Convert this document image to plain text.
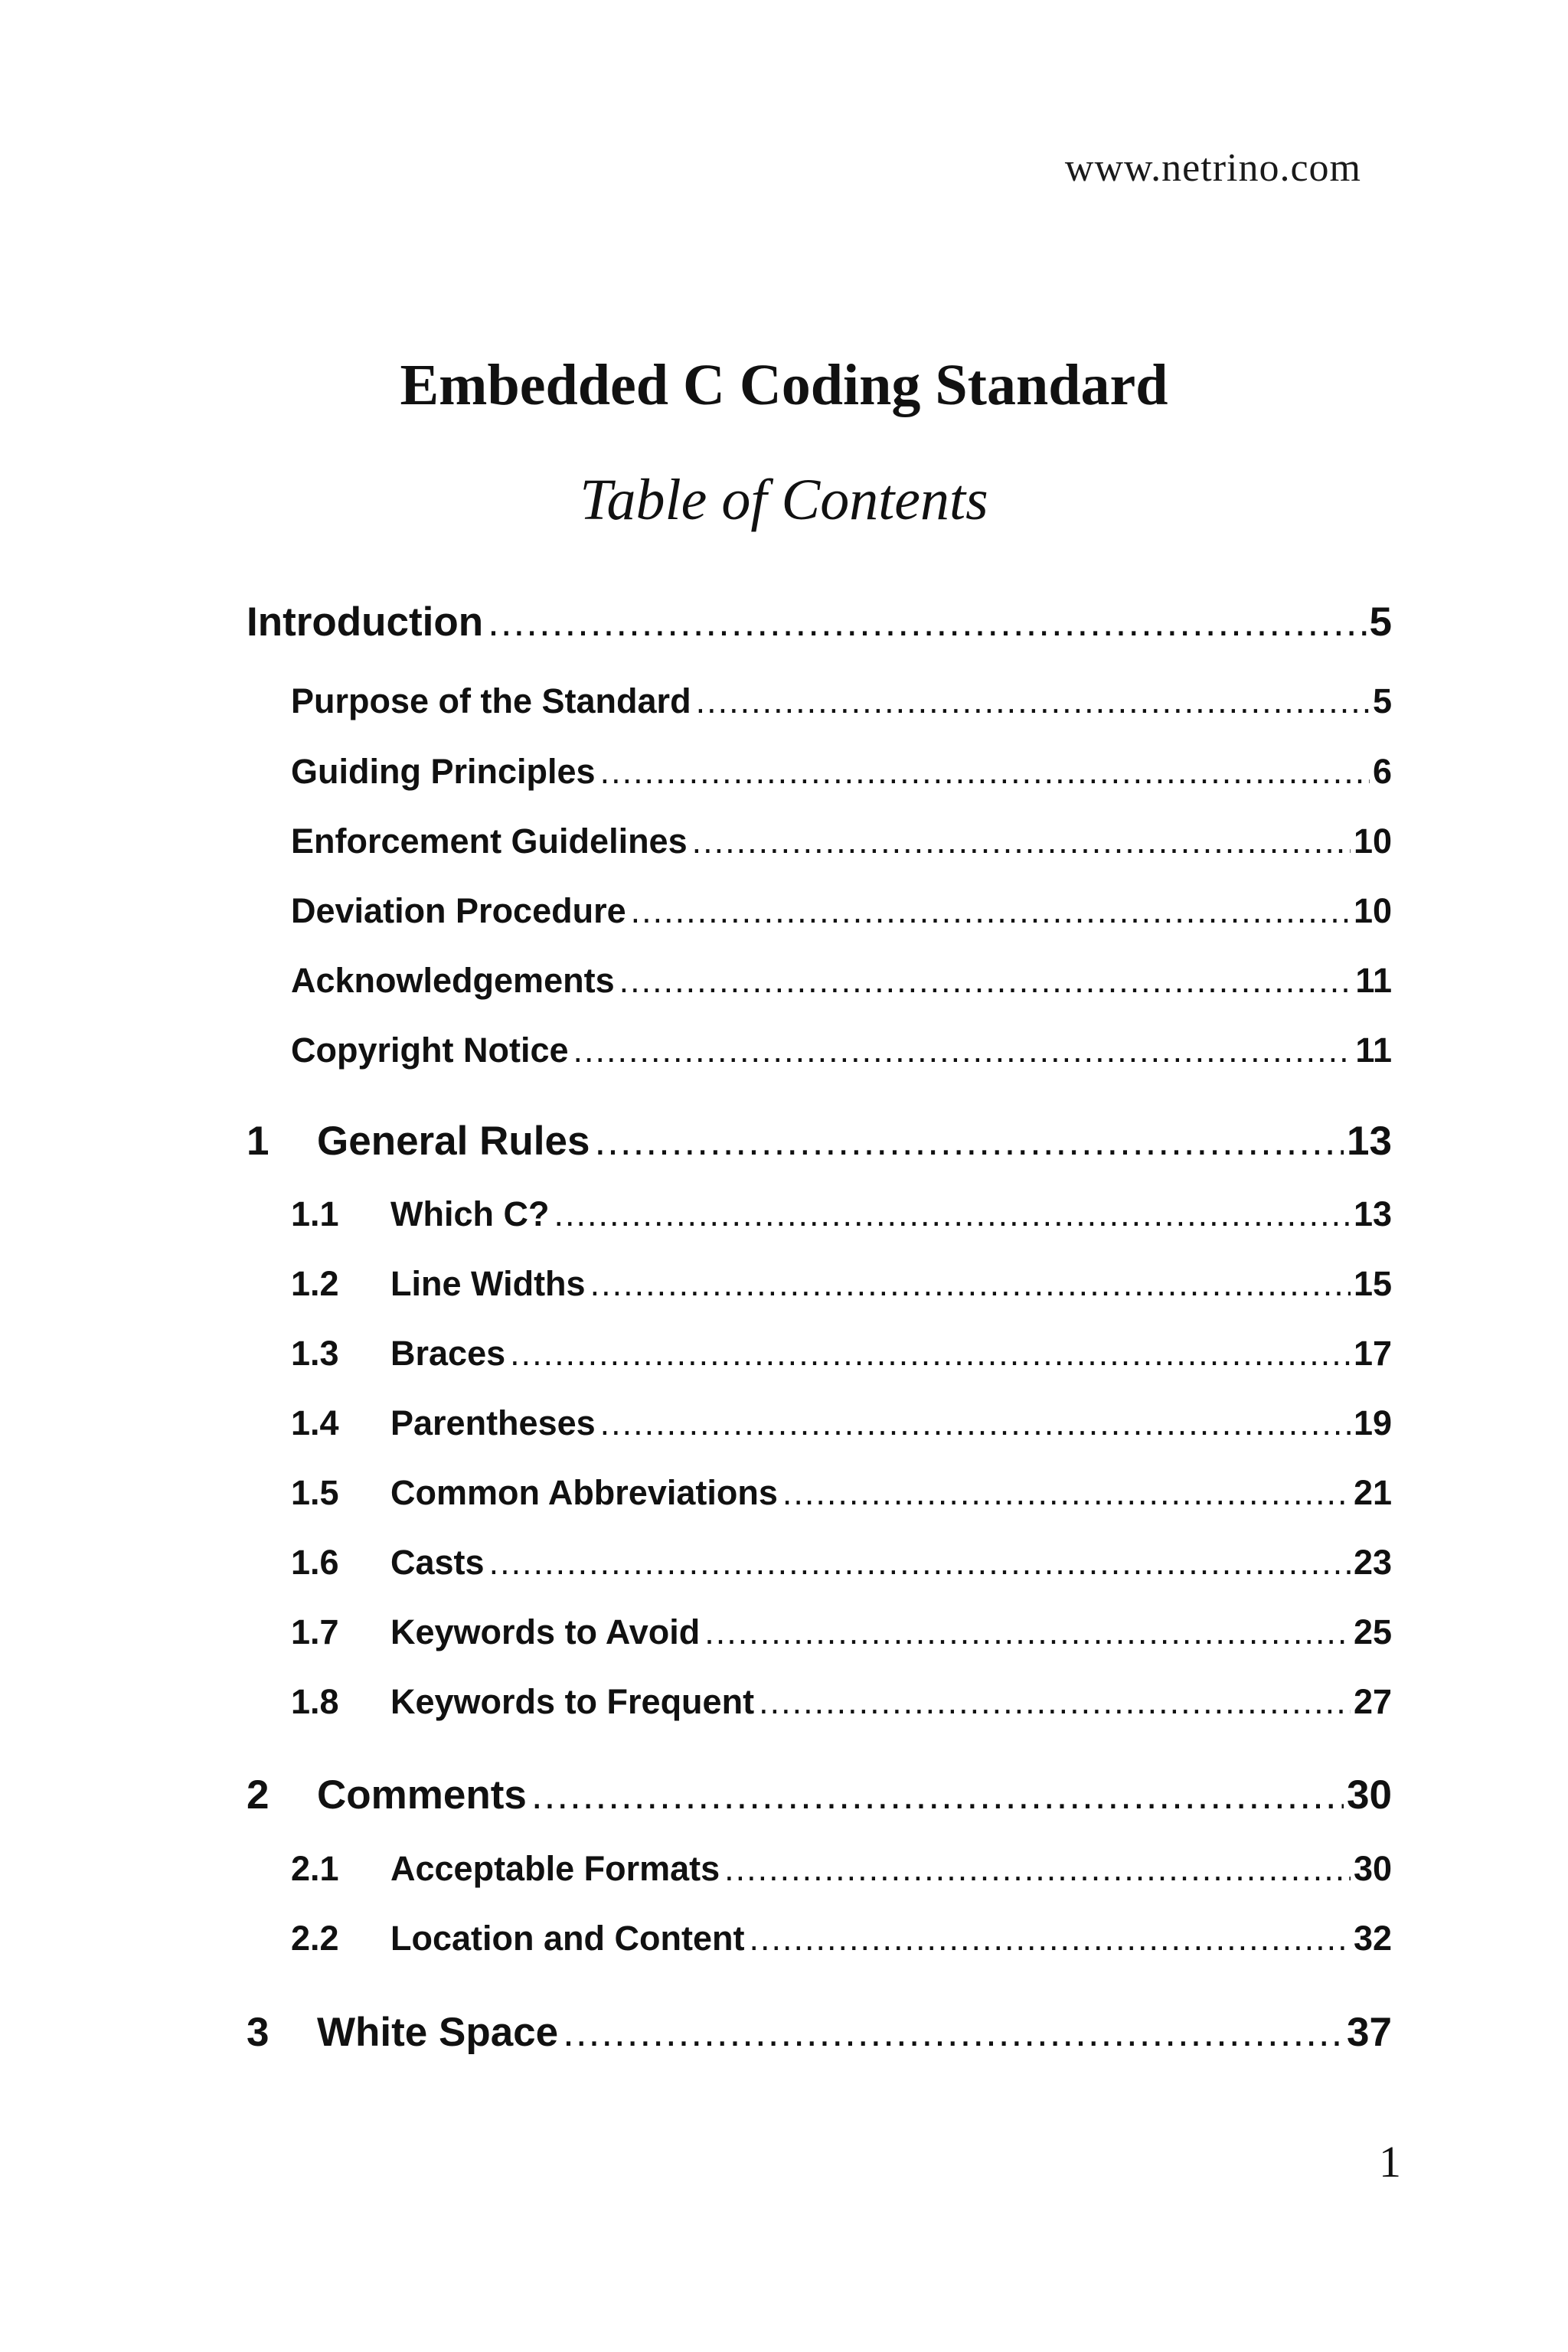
www.netrino.com
Embedded C Coding Standard
Table of Contents
Introduction .....	5
Purpose of the Standard .....	5
Guiding Principles .....	6
Enforcement Guidelines .....	10
Deviation Procedure .....	10
Acknowledgements .....	11
Copyright Notice .....	11
1	General Rules .....	13
1.1	Which C? .....	13
1.2	Line Widths .....	15
1.3	Braces .....	17
1.4	Parentheses .....	19
1.5	Common Abbreviations .....	21
1.6	Casts .....	23
1.7	Keywords to Avoid .....	25
1.8	Keywords to Frequent .....	27
2	Comments .....	30
2.1	Acceptable Formats .....	30
2.2	Location and Content .....	32
3	White Space .....	37
1
